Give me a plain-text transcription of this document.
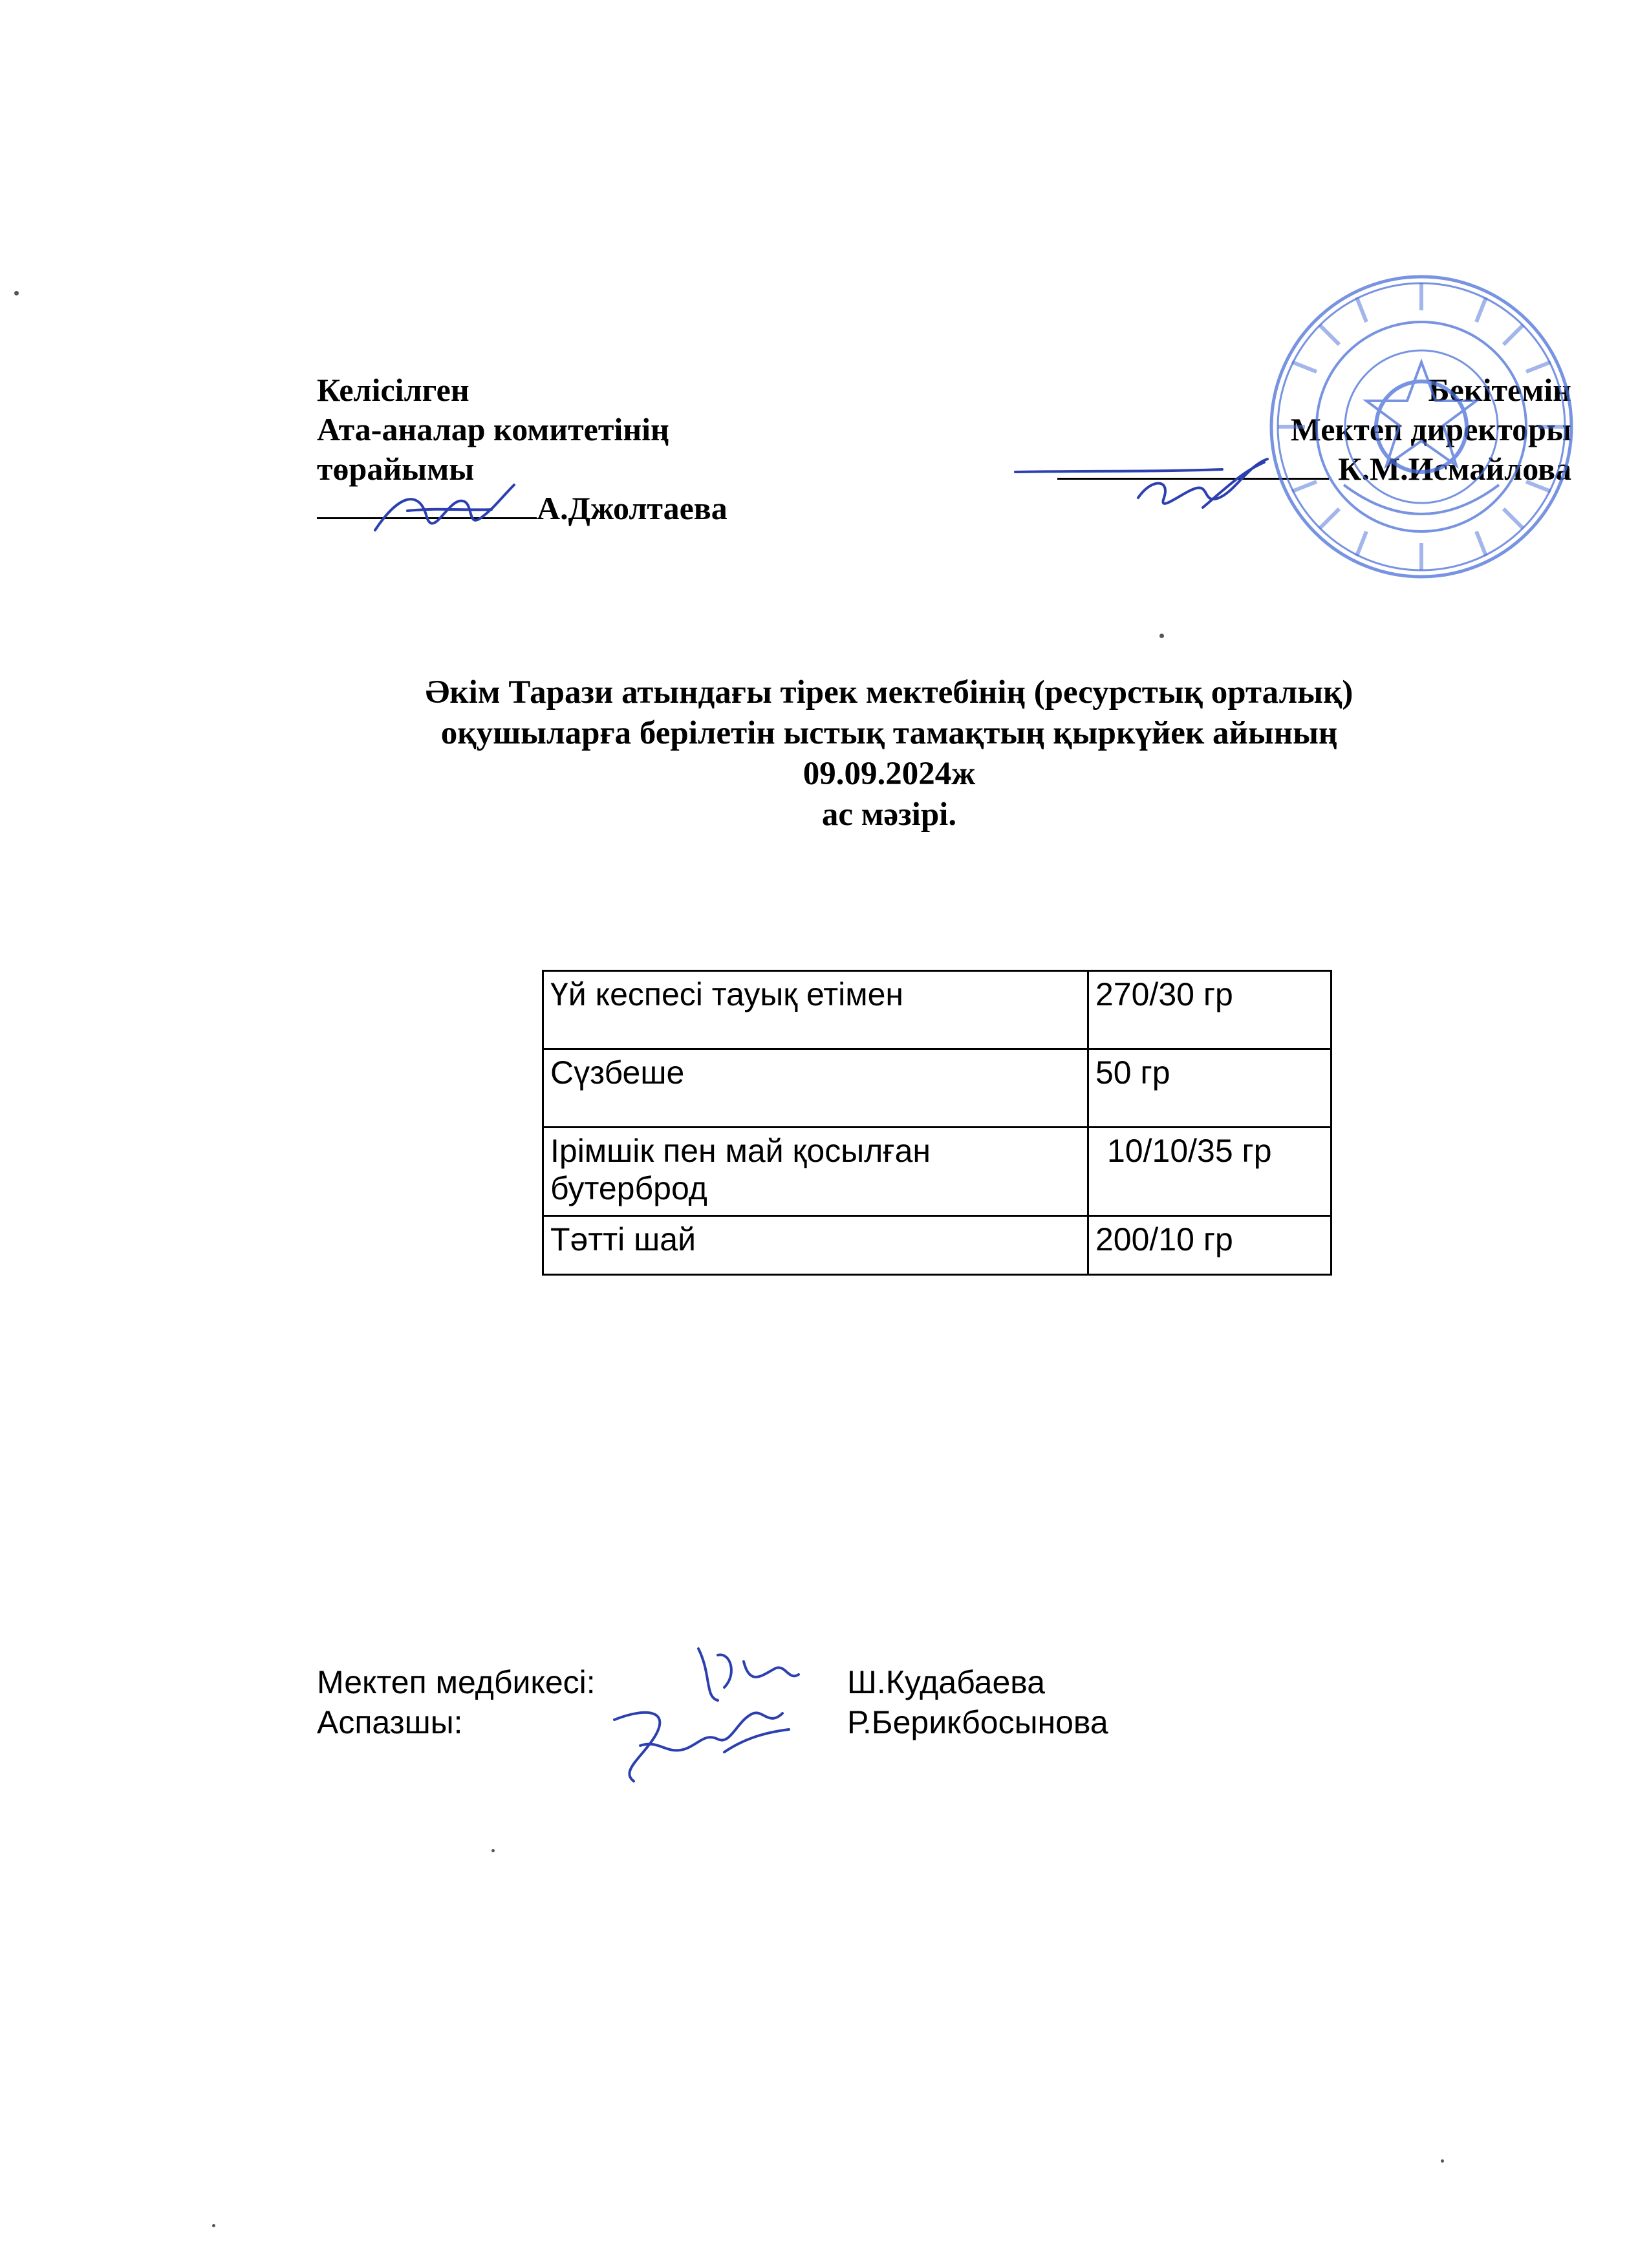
Келісілген
Ата-аналар комитетінің
төрайымы
А.Джолтаева
Бекітемін
Мектеп директоры
К.М.Исмайлова
Әкім Тарази атындағы тірек мектебінің (ресурстық орталық)
оқушыларға берілетін ыстық тамақтың қыркүйек айының
09.09.2024ж
ас мәзірі.
Үй кеспесі тауық етімен	270/30 гр
Сүзбеше	50 гр
Ірімшік пен май қосылған бутерброд	10/10/35 гр
Тәтті шай	200/10 гр
Мектеп медбикесі:	Ш.Кудабаева
Аспазшы:	Р.Берикбосынова
